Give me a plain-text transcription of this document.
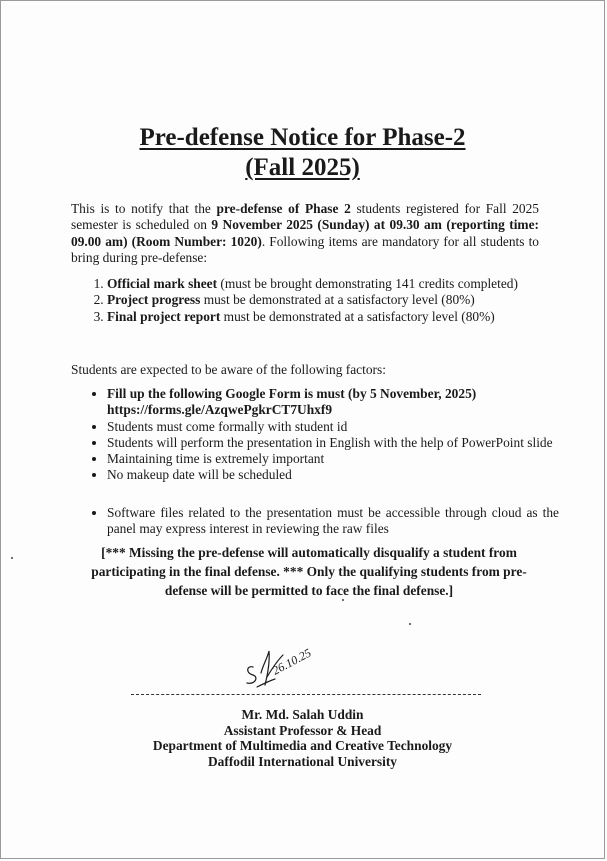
Pre-defense Notice for Phase-2
(Fall 2025)

This is to notify that the pre-defense of Phase 2 students registered for Fall 2025 semester is scheduled on 9 November 2025 (Sunday) at 09.30 am (reporting time: 09.00 am) (Room Number: 1020). Following items are mandatory for all students to bring during pre-defense:

1. Official mark sheet (must be brought demonstrating 141 credits completed)
2. Project progress must be demonstrated at a satisfactory level (80%)
3. Final project report must be demonstrated at a satisfactory level (80%)

Students are expected to be aware of the following factors:

• Fill up the following Google Form is must (by 5 November, 2025)
https://forms.gle/AzqwePgkrCT7Uhxf9
• Students must come formally with student id
• Students will perform the presentation in English with the help of PowerPoint slide
• Maintaining time is extremely important
• No makeup date will be scheduled
• Software files related to the presentation must be accessible through cloud as the panel may express interest in reviewing the raw files
[*** Missing the pre-defense will automatically disqualify a student from participating in the final defense. *** Only the qualifying students from pre-defense will be permitted to face the final defense.]
26.10.25
Mr. Md. Salah Uddin
Assistant Professor & Head
Department of Multimedia and Creative Technology
Daffodil International University
